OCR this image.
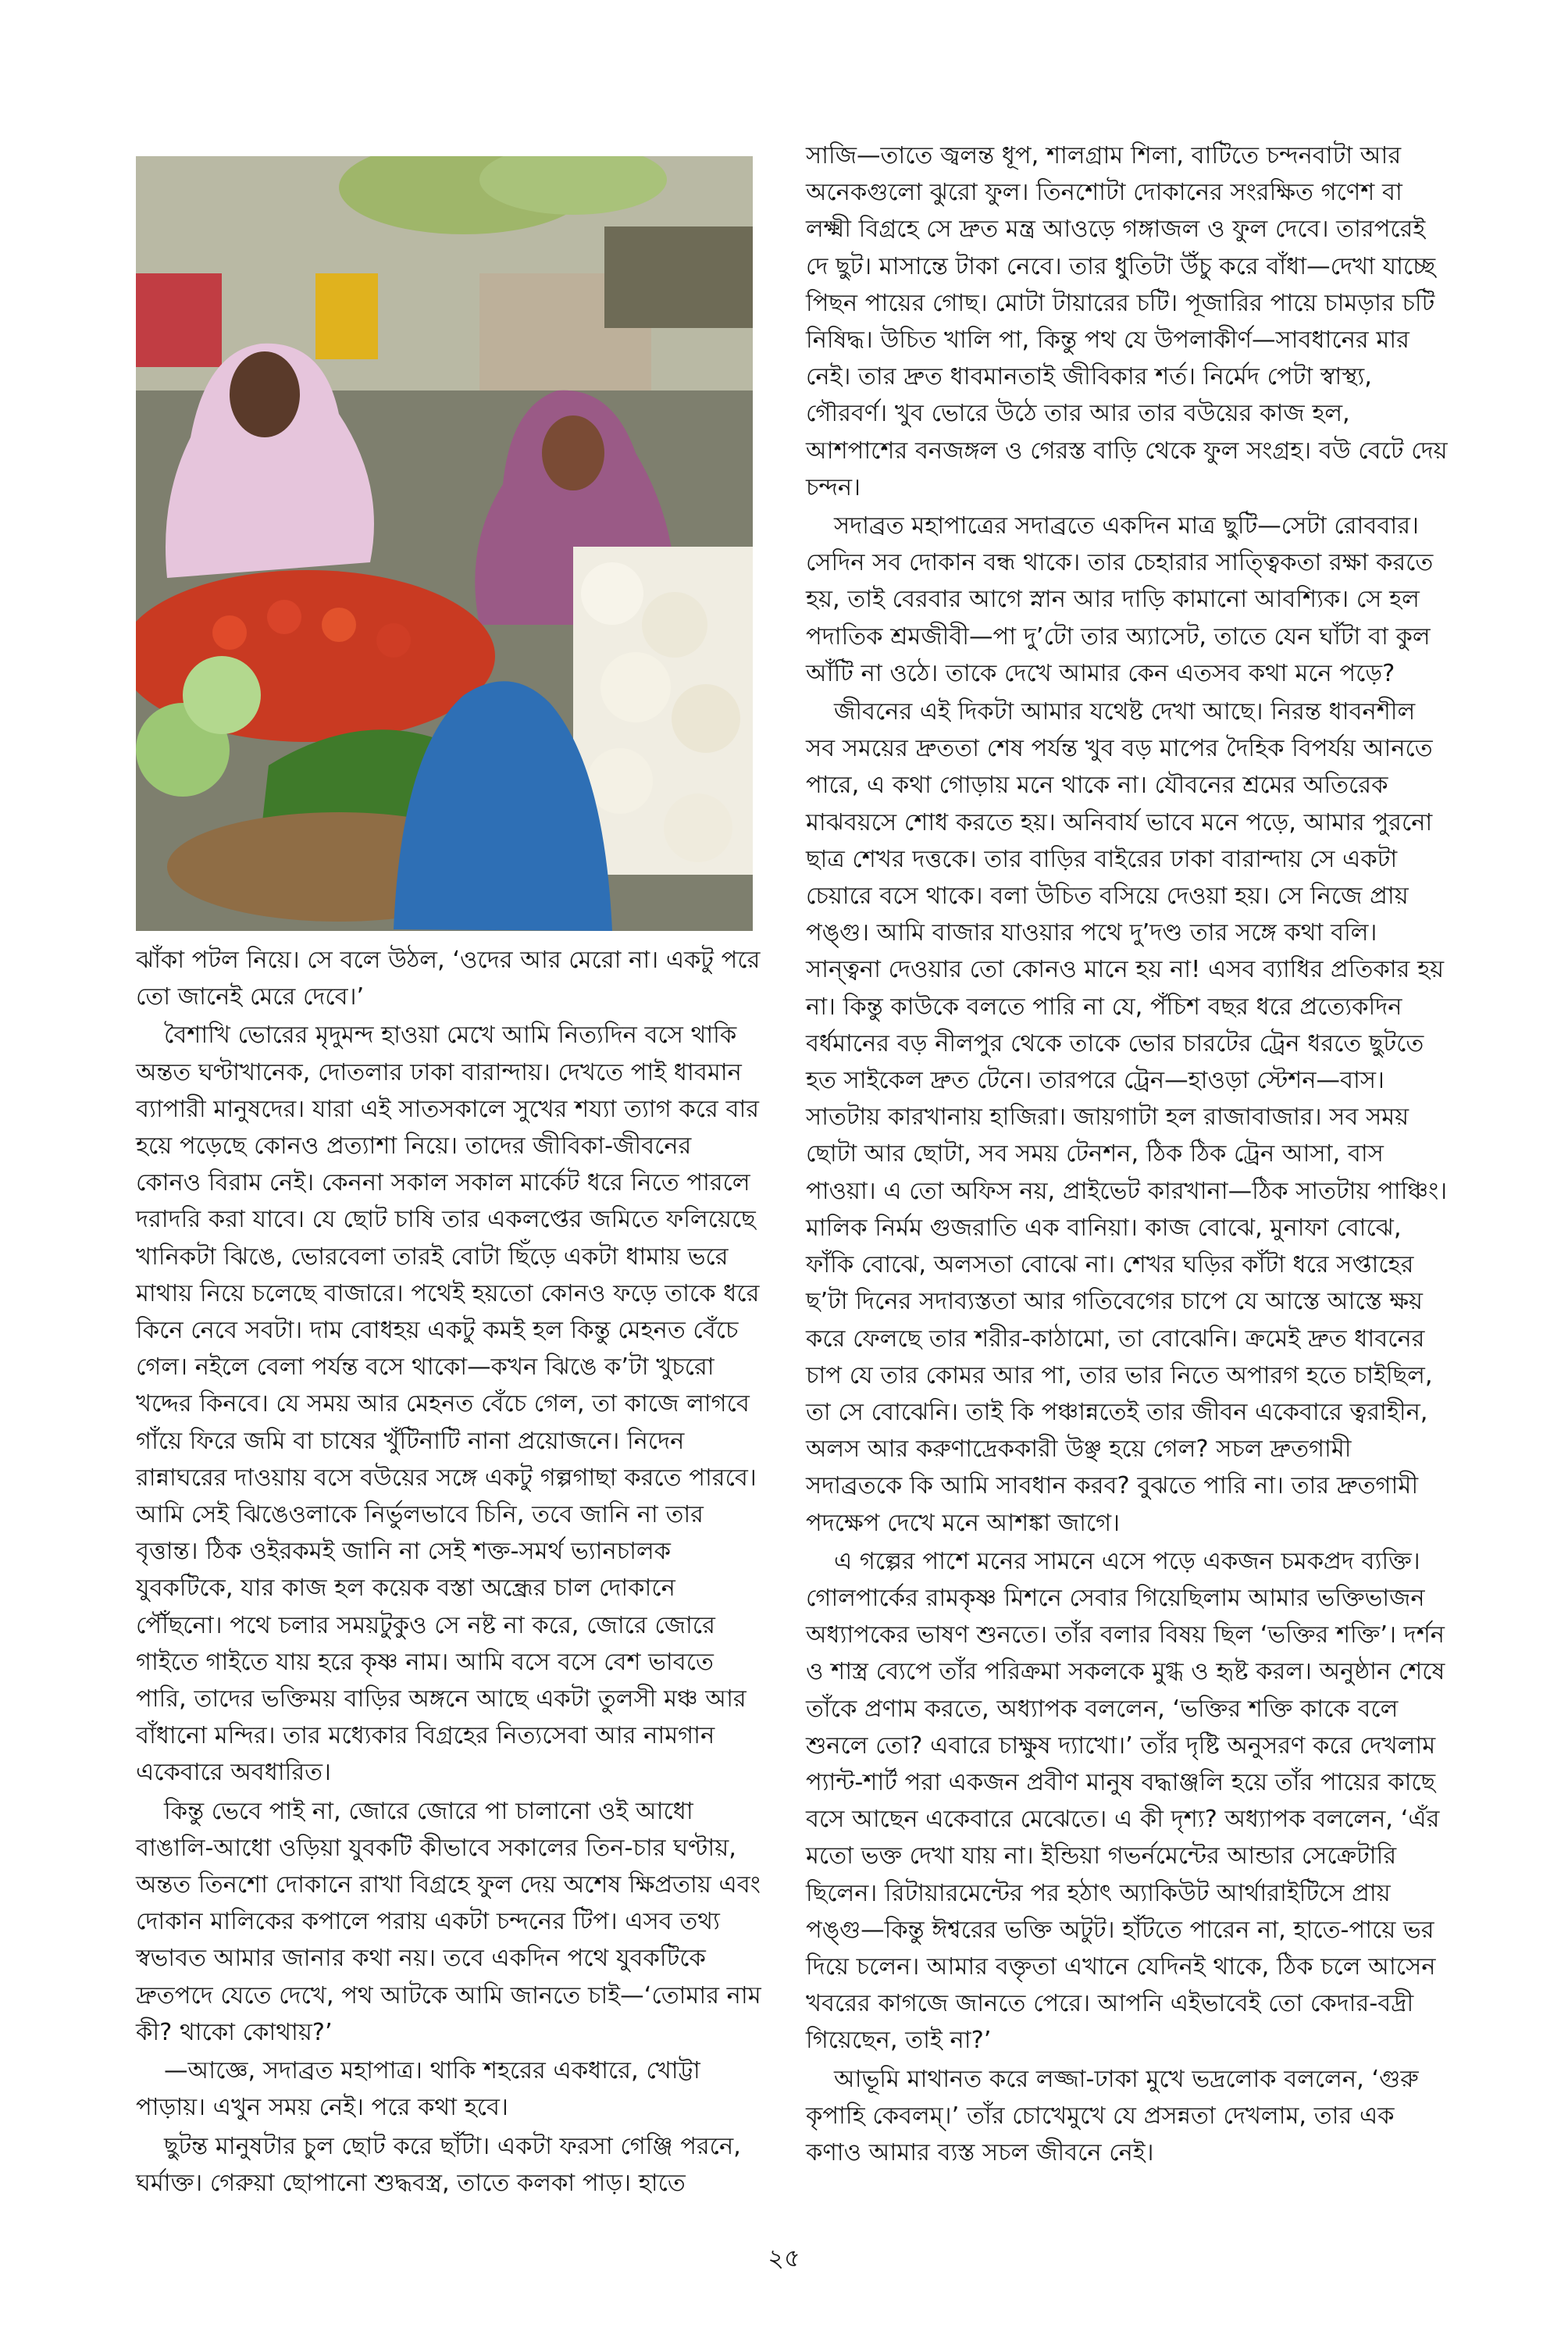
ঝাঁকা পটল নিয়ে। সে বলে উঠল, ‘ওদের আর মেরো না। একটু পরে তো জানেই মেরে দেবে।’

বৈশাখি ভোরের মৃদুমন্দ হাওয়া মেখে আমি নিত্যদিন বসে থাকি অন্তত ঘণ্টাখানেক, দোতলার ঢাকা বারান্দায়। দেখতে পাই ধাবমান ব্যাপারী মানুষদের। যারা এই সাতসকালে সুখের শয্যা ত্যাগ করে বার হয়ে পড়েছে কোনও প্রত্যাশা নিয়ে। তাদের জীবিকা-জীবনের কোনও বিরাম নেই। কেননা সকাল সকাল মার্কেট ধরে নিতে পারলে দরাদরি করা যাবে। যে ছোট চাষি তার একলপ্তের জমিতে ফলিয়েছে খানিকটা ঝিঙে, ভোরবেলা তারই বোটা ছিঁড়ে একটা ধামায় ভরে মাথায় নিয়ে চলেছে বাজারে। পথেই হয়তো কোনও ফড়ে তাকে ধরে কিনে নেবে সবটা। দাম বোধহয় একটু কমই হল কিন্তু মেহনত বেঁচে গেল। নইলে বেলা পর্যন্ত বসে থাকো—কখন ঝিঙে ক’টা খুচরো খদ্দের কিনবে। যে সময় আর মেহনত বেঁচে গেল, তা কাজে লাগবে গাঁয়ে ফিরে জমি বা চাষের খুঁটিনাটি নানা প্রয়োজনে। নিদেন রান্নাঘরের দাওয়ায় বসে বউয়ের সঙ্গে একটু গল্পগাছা করতে পারবে। আমি সেই ঝিঙেওলাকে নির্ভুলভাবে চিনি, তবে জানি না তার বৃত্তান্ত। ঠিক ওইরকমই জানি না সেই শক্ত-সমর্থ ভ্যানচালক যুবকটিকে, যার কাজ হল কয়েক বস্তা অন্ধ্রের চাল দোকানে পৌঁছনো। পথে চলার সময়টুকুও সে নষ্ট না করে, জোরে জোরে গাইতে গাইতে যায় হরে কৃষ্ণ নাম। আমি বসে বসে বেশ ভাবতে পারি, তাদের ভক্তিময় বাড়ির অঙ্গনে আছে একটা তুলসী মঞ্চ আর বাঁধানো মন্দির। তার মধ্যেকার বিগ্রহের নিত্যসেবা আর নামগান একেবারে অবধারিত।

কিন্তু ভেবে পাই না, জোরে জোরে পা চালানো ওই আধো বাঙালি-আধো ওড়িয়া যুবকটি কীভাবে সকালের তিন-চার ঘণ্টায়, অন্তত তিনশো দোকানে রাখা বিগ্রহে ফুল দেয় অশেষ ক্ষিপ্রতায় এবং দোকান মালিকের কপালে পরায় একটা চন্দনের টিপ। এসব তথ্য স্বভাবত আমার জানার কথা নয়। তবে একদিন পথে যুবকটিকে দ্রুতপদে যেতে দেখে, পথ আটকে আমি জানতে চাই—‘তোমার নাম কী? থাকো কোথায়?’

—আজ্ঞে, সদাব্রত মহাপাত্র। থাকি শহরের একধারে, খোট্টা পাড়ায়। এখুন সময় নেই। পরে কথা হবে।

ছুটন্ত মানুষটার চুল ছোট করে ছাঁটা। একটা ফরসা গেঞ্জি পরনে, ঘর্মাক্ত। গেরুয়া ছোপানো শুদ্ধবস্ত্র, তাতে কলকা পাড়। হাতে

সাজি—তাতে জ্বলন্ত ধূপ, শালগ্রাম শিলা, বাটিতে চন্দনবাটা আর অনেকগুলো ঝুরো ফুল। তিনশোটা দোকানের সংরক্ষিত গণেশ বা লক্ষ্মী বিগ্রহে সে দ্রুত মন্ত্র আওড়ে গঙ্গাজল ও ফুল দেবে। তারপরেই দে ছুট। মাসান্তে টাকা নেবে। তার ধুতিটা উঁচু করে বাঁধা—দেখা যাচ্ছে পিছন পায়ের গোছ। মোটা টায়ারের চটি। পূজারির পায়ে চামড়ার চটি নিষিদ্ধ। উচিত খালি পা, কিন্তু পথ যে উপলাকীর্ণ—সাবধানের মার নেই। তার দ্রুত ধাবমানতাই জীবিকার শর্ত। নির্মেদ পেটা স্বাস্থ্য, গৌরবর্ণ। খুব ভোরে উঠে তার আর তার বউয়ের কাজ হল, আশপাশের বনজঙ্গল ও গেরস্ত বাড়ি থেকে ফুল সংগ্রহ। বউ বেটে দেয় চন্দন।

সদাব্রত মহাপাত্রের সদাব্রতে একদিন মাত্র ছুটি—সেটা রোববার। সেদিন সব দোকান বন্ধ থাকে। তার চেহারার সাত্ত্বিকতা রক্ষা করতে হয়, তাই বেরবার আগে স্নান আর দাড়ি কামানো আবশ্যিক। সে হল পদাতিক শ্রমজীবী—পা দু’টো তার অ্যাসেট, তাতে যেন ঘাঁটা বা কুল আঁটি না ওঠে। তাকে দেখে আমার কেন এতসব কথা মনে পড়ে?

জীবনের এই দিকটা আমার যথেষ্ট দেখা আছে। নিরন্ত ধাবনশীল সব সময়ের দ্রুততা শেষ পর্যন্ত খুব বড় মাপের দৈহিক বিপর্যয় আনতে পারে, এ কথা গোড়ায় মনে থাকে না। যৌবনের শ্রমের অতিরেক মাঝবয়সে শোধ করতে হয়। অনিবার্য ভাবে মনে পড়ে, আমার পুরনো ছাত্র শেখর দত্তকে। তার বাড়ির বাইরের ঢাকা বারান্দায় সে একটা চেয়ারে বসে থাকে। বলা উচিত বসিয়ে দেওয়া হয়। সে নিজে প্রায় পঙ্গু। আমি বাজার যাওয়ার পথে দু’দণ্ড তার সঙ্গে কথা বলি। সান্ত্বনা দেওয়ার তো কোনও মানে হয় না! এসব ব্যাধির প্রতিকার হয় না। কিন্তু কাউকে বলতে পারি না যে, পঁচিশ বছর ধরে প্রত্যেকদিন বর্ধমানের বড় নীলপুর থেকে তাকে ভোর চারটের ট্রেন ধরতে ছুটতে হত সাইকেল দ্রুত টেনে। তারপরে ট্রেন—হাওড়া স্টেশন—বাস। সাতটায় কারখানায় হাজিরা। জায়গাটা হল রাজাবাজার। সব সময় ছোটা আর ছোটা, সব সময় টেনশন, ঠিক ঠিক ট্রেন আসা, বাস পাওয়া। এ তো অফিস নয়, প্রাইভেট কারখানা—ঠিক সাতটায় পাঞ্চিং। মালিক নির্মম গুজরাতি এক বানিয়া। কাজ বোঝে, মুনাফা বোঝে, ফাঁকি বোঝে, অলসতা বোঝে না। শেখর ঘড়ির কাঁটা ধরে সপ্তাহের ছ’টা দিনের সদাব্যস্ততা আর গতিবেগের চাপে যে আস্তে আস্তে ক্ষয় করে ফেলছে তার শরীর-কাঠামো, তা বোঝেনি। ক্রমেই দ্রুত ধাবনের চাপ যে তার কোমর আর পা, তার ভার নিতে অপারগ হতে চাইছিল, তা সে বোঝেনি। তাই কি পঞ্চান্নতেই তার জীবন একেবারে ত্বরাহীন, অলস আর করুণাদ্রেককারী উঞ্ছ হয়ে গেল? সচল দ্রুতগামী সদাব্রতকে কি আমি সাবধান করব? বুঝতে পারি না। তার দ্রুতগামী পদক্ষেপ দেখে মনে আশঙ্কা জাগে।

এ গল্পের পাশে মনের সামনে এসে পড়ে একজন চমকপ্রদ ব্যক্তি। গোলপার্কের রামকৃষ্ণ মিশনে সেবার গিয়েছিলাম আমার ভক্তিভাজন অধ্যাপকের ভাষণ শুনতে। তাঁর বলার বিষয় ছিল ‘ভক্তির শক্তি’। দর্শন ও শাস্ত্র ব্যেপে তাঁর পরিক্রমা সকলকে মুগ্ধ ও হৃষ্ট করল। অনুষ্ঠান শেষে তাঁকে প্রণাম করতে, অধ্যাপক বললেন, ‘ভক্তির শক্তি কাকে বলে শুনলে তো? এবারে চাক্ষুষ দ্যাখো।’ তাঁর দৃষ্টি অনুসরণ করে দেখলাম প্যান্ট-শার্ট পরা একজন প্রবীণ মানুষ বদ্ধাঞ্জলি হয়ে তাঁর পায়ের কাছে বসে আছেন একেবারে মেঝেতে। এ কী দৃশ্য? অধ্যাপক বললেন, ‘এঁর মতো ভক্ত দেখা যায় না। ইন্ডিয়া গভর্নমেন্টের আন্ডার সেক্রেটারি ছিলেন। রিটায়ারমেন্টের পর হঠাৎ অ্যাকিউট আর্থারাইটিসে প্রায় পঙ্গু—কিন্তু ঈশ্বরের ভক্তি অটুট। হাঁটতে পারেন না, হাতে-পায়ে ভর দিয়ে চলেন। আমার বক্তৃতা এখানে যেদিনই থাকে, ঠিক চলে আসেন খবরের কাগজে জানতে পেরে। আপনি এইভাবেই তো কেদার-বদ্রী গিয়েছেন, তাই না?’

আভূমি মাথানত করে লজ্জা-ঢাকা মুখে ভদ্রলোক বললেন, ‘গুরু কৃপাহি কেবলম্‌।’ তাঁর চোখেমুখে যে প্রসন্নতা দেখলাম, তার এক কণাও আমার ব্যস্ত সচল জীবনে নেই।

২৫
